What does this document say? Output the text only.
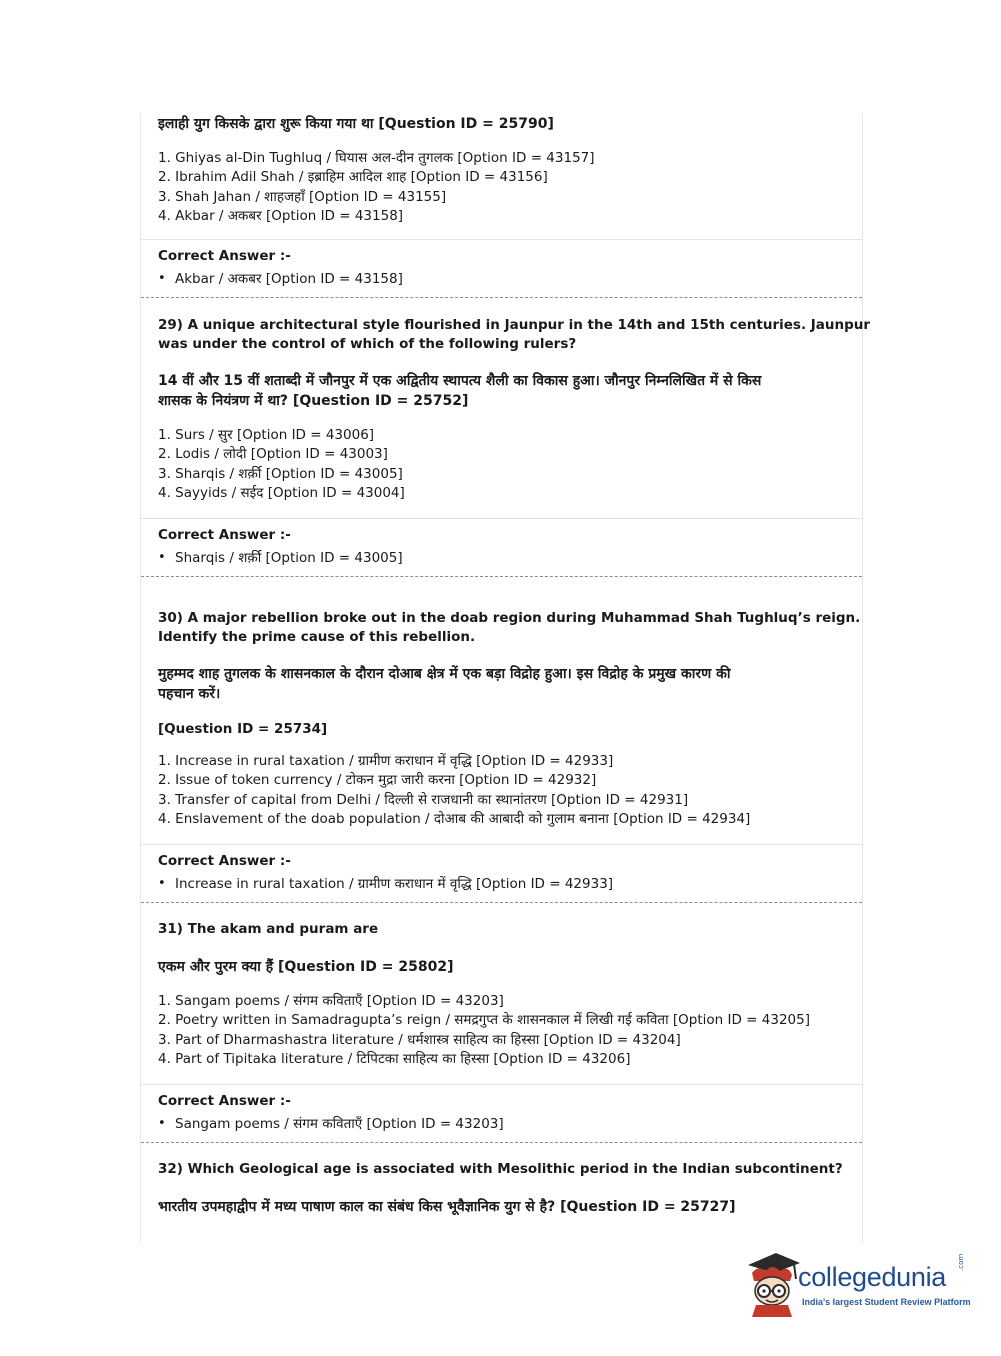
इलाही युग किसके द्वारा शुरू किया गया था [Question ID = 25790]

1. Ghiyas al-Din Tughluq / घियास अल-दीन तुगलक [Option ID = 43157]

2. Ibrahim Adil Shah / इब्राहिम आदिल शाह [Option ID = 43156]

3. Shah Jahan / शाहजहाँ [Option ID = 43155]

4. Akbar / अकबर [Option ID = 43158]

Correct Answer :-

• Akbar / अकबर [Option ID = 43158]

29) A unique architectural style flourished in Jaunpur in the 14th and 15th centuries. Jaunpur

was under the control of which of the following rulers?

14 वीं और 15 वीं शताब्दी में जौनपुर में एक अद्वितीय स्थापत्य शैली का विकास हुआ। जौनपुर निम्नलिखित में से किस

शासक के नियंत्रण में था? [Question ID = 25752]

1. Surs / सुर [Option ID = 43006]

2. Lodis / लोदी [Option ID = 43003]

3. Sharqis / शर्क़ी [Option ID = 43005]

4. Sayyids / सईद [Option ID = 43004]

Correct Answer :-

• Sharqis / शर्क़ी [Option ID = 43005]

30) A major rebellion broke out in the doab region during Muhammad Shah Tughluq’s reign.

Identify the prime cause of this rebellion.

मुहम्मद शाह तुगलक के शासनकाल के दौरान दोआब क्षेत्र में एक बड़ा विद्रोह हुआ। इस विद्रोह के प्रमुख कारण की

पहचान करें।

[Question ID = 25734]

1. Increase in rural taxation / ग्रामीण कराधान में वृद्धि [Option ID = 42933]

2. Issue of token currency / टोकन मुद्रा जारी करना [Option ID = 42932]

3. Transfer of capital from Delhi / दिल्ली से राजधानी का स्थानांतरण [Option ID = 42931]

4. Enslavement of the doab population / दोआब की आबादी को गुलाम बनाना [Option ID = 42934]

Correct Answer :-

• Increase in rural taxation / ग्रामीण कराधान में वृद्धि [Option ID = 42933]

31) The akam and puram are

एकम और पुरम क्या हैं [Question ID = 25802]

1. Sangam poems / संगम कविताएँ [Option ID = 43203]

2. Poetry written in Samadragupta’s reign / समद्रगुप्त के शासनकाल में लिखी गई कविता [Option ID = 43205]

3. Part of Dharmashastra literature / धर्मशास्त्र साहित्य का हिस्सा [Option ID = 43204]

4. Part of Tipitaka literature / टिपिटका साहित्य का हिस्सा [Option ID = 43206]

Correct Answer :-

• Sangam poems / संगम कविताएँ [Option ID = 43203]

32) Which Geological age is associated with Mesolithic period in the Indian subcontinent?

भारतीय उपमहाद्वीप में मध्य पाषाण काल का संबंध किस भूवैज्ञानिक युग से है? [Question ID = 25727]

collegedunia .com
India's largest Student Review Platform
